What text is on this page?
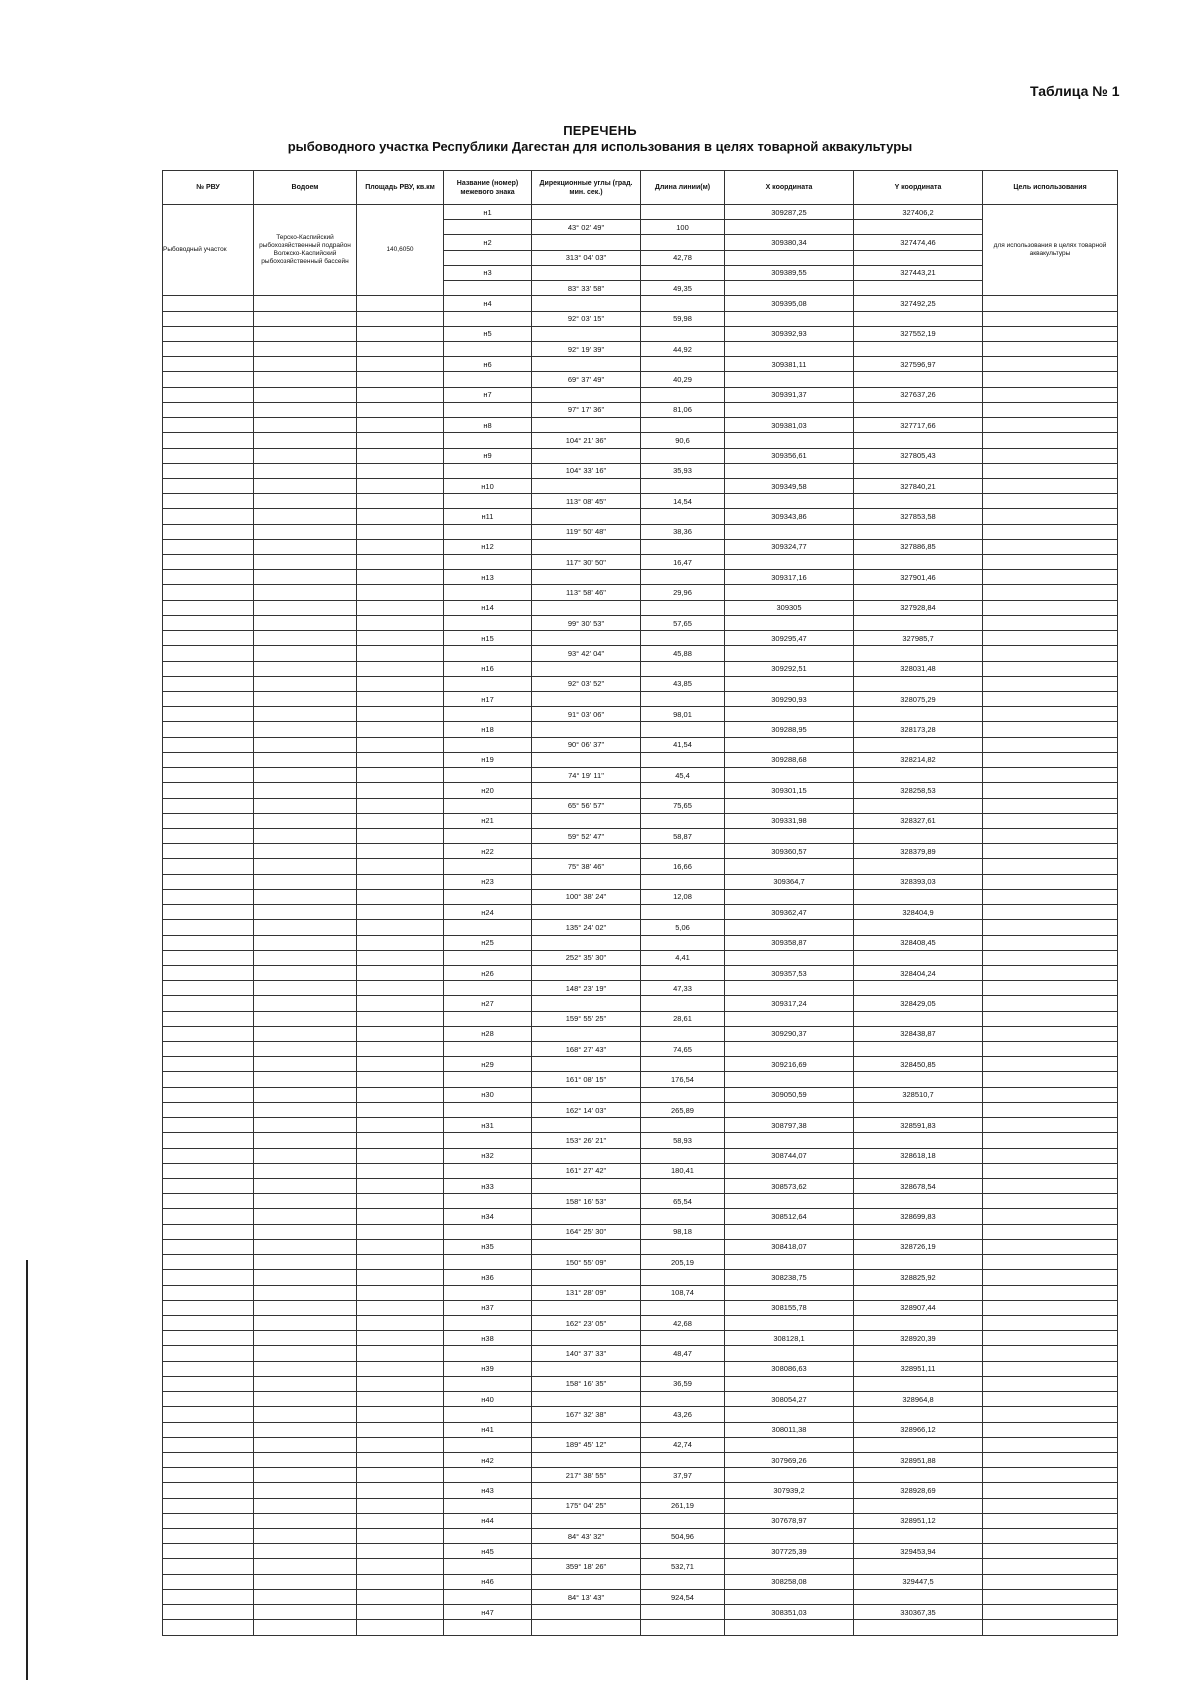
Таблица № 1
ПЕРЕЧЕНЬ
рыбоводного участка Республики Дагестан для использования в целях товарной аквакультуры
№ РВУ	Водоем	Площадь РВУ, кв.км	Название (номер) межевого знака	Дирекционные углы (град. мин. сек.)	Длина линии(м)	X координата	Y координата	Цель использования
Рыбоводный участок	Терско-Каспийский рыбохозяйственный подрайон Волжско-Каспийский рыбохозяйственный бассейн	140,6050	н1			309287,25	327406,2	для использования в целях товарной аквакультуры
				43° 02' 49"	100			
			н2			309380,34	327474,46	
				313° 04' 03"	42,78			
			н3			309389,55	327443,21	
				83° 33' 58"	49,35			
			н4			309395,08	327492,25	
				92° 03' 15"	59,98			
			н5			309392,93	327552,19	
				92° 19' 39"	44,92			
			н6			309381,11	327596,97	
				69° 37' 49"	40,29			
			н7			309391,37	327637,26	
				97° 17' 36"	81,06			
			н8			309381,03	327717,66	
				104° 21' 36"	90,6			
			н9			309356,61	327805,43	
				104° 33' 16"	35,93			
			н10			309349,58	327840,21	
				113° 08' 45"	14,54			
			н11			309343,86	327853,58	
				119° 50' 48"	38,36			
			н12			309324,77	327886,85	
				117° 30' 50"	16,47			
			н13			309317,16	327901,46	
				113° 58' 46"	29,96			
			н14			309305	327928,84	
				99° 30' 53"	57,65			
			н15			309295,47	327985,7	
				93° 42' 04"	45,88			
			н16			309292,51	328031,48	
				92° 03' 52"	43,85			
			н17			309290,93	328075,29	
				91° 03' 06"	98,01			
			н18			309288,95	328173,28	
				90° 06' 37"	41,54			
			н19			309288,68	328214,82	
				74° 19' 11"	45,4			
			н20			309301,15	328258,53	
				65° 56' 57"	75,65			
			н21			309331,98	328327,61	
				59° 52' 47"	58,87			
			н22			309360,57	328379,89	
				75° 38' 46"	16,66			
			н23			309364,7	328393,03	
				100° 38' 24"	12,08			
			н24			309362,47	328404,9	
				135° 24' 02"	5,06			
			н25			309358,87	328408,45	
				252° 35' 30"	4,41			
			н26			309357,53	328404,24	
				148° 23' 19"	47,33			
			н27			309317,24	328429,05	
				159° 55' 25"	28,61			
			н28			309290,37	328438,87	
				168° 27' 43"	74,65			
			н29			309216,69	328450,85	
				161° 08' 15"	176,54			
			н30			309050,59	328510,7	
				162° 14' 03"	265,89			
			н31			308797,38	328591,83	
				153° 26' 21"	58,93			
			н32			308744,07	328618,18	
				161° 27' 42"	180,41			
			н33			308573,62	328678,54	
				158° 16' 53"	65,54			
			н34			308512,64	328699,83	
				164° 25' 30"	98,18			
			н35			308418,07	328726,19	
				150° 55' 09"	205,19			
			н36			308238,75	328825,92	
				131° 28' 09"	108,74			
			н37			308155,78	328907,44	
				162° 23' 05"	42,68			
			н38			308128,1	328920,39	
				140° 37' 33"	48,47			
			н39			308086,63	328951,11	
				158° 16' 35"	36,59			
			н40			308054,27	328964,8	
				167° 32' 38"	43,26			
			н41			308011,38	328966,12	
				189° 45' 12"	42,74			
			н42			307969,26	328951,88	
				217° 38' 55"	37,97			
			н43			307939,2	328928,69	
				175° 04' 25"	261,19			
			н44			307678,97	328951,12	
				84° 43' 32"	504,96			
			н45			307725,39	329453,94	
				359° 18' 26"	532,71			
			н46			308258,08	329447,5	
				84° 13' 43"	924,54			
			н47			308351,03	330367,35	
